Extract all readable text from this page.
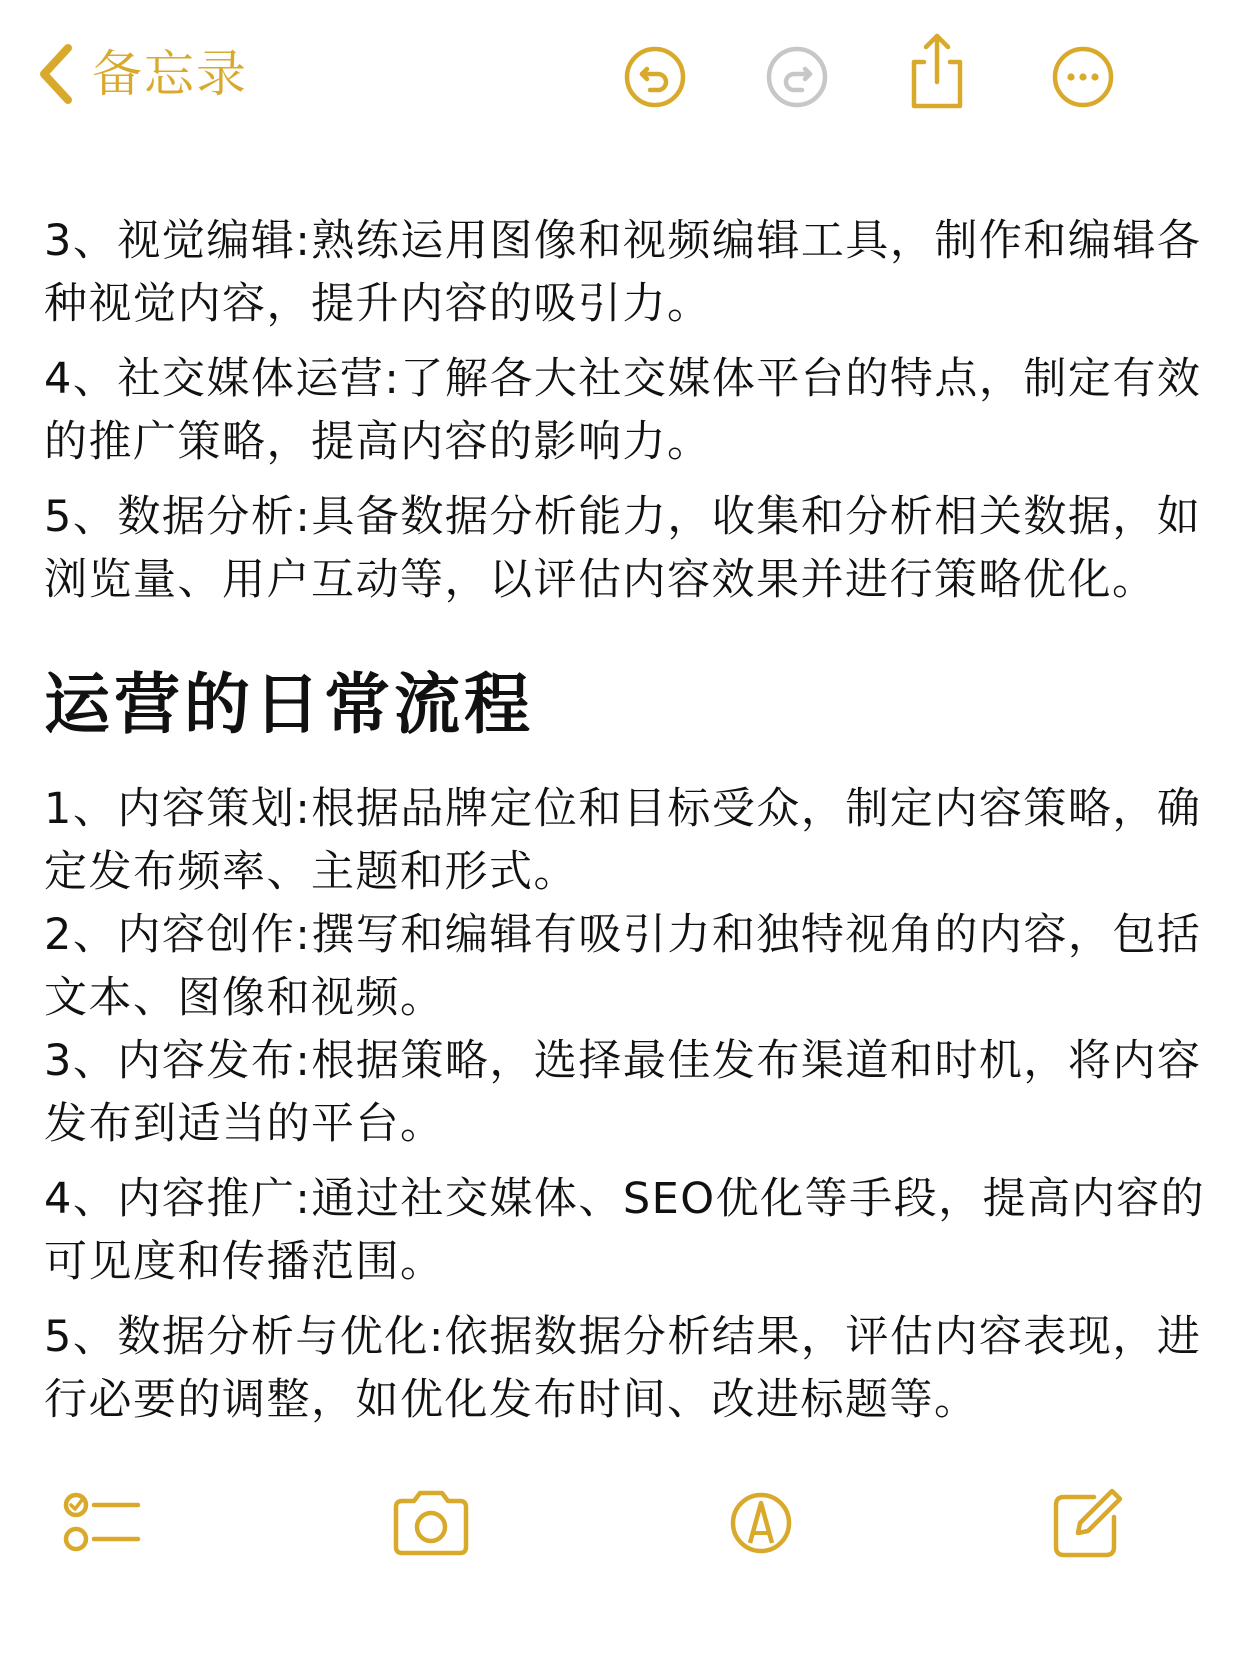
备忘录

3、视觉编辑:熟练运用图像和视频编辑工具，制作和编辑各种视觉内容，提升内容的吸引力。

4、社交媒体运营:了解各大社交媒体平台的特点，制定有效的推广策略，提高内容的影响力。

5、数据分析:具备数据分析能力，收集和分析相关数据，如浏览量、用户互动等，以评估内容效果并进行策略优化。

运营的日常流程

1、内容策划:根据品牌定位和目标受众，制定内容策略，确定发布频率、主题和形式。

2、内容创作:撰写和编辑有吸引力和独特视角的内容，包括文本、图像和视频。

3、内容发布:根据策略，选择最佳发布渠道和时机，将内容发布到适当的平台。

4、内容推广:通过社交媒体、SEO优化等手段，提高内容的可见度和传播范围。

5、数据分析与优化:依据数据分析结果，评估内容表现，进行必要的调整，如优化发布时间、改进标题等。
